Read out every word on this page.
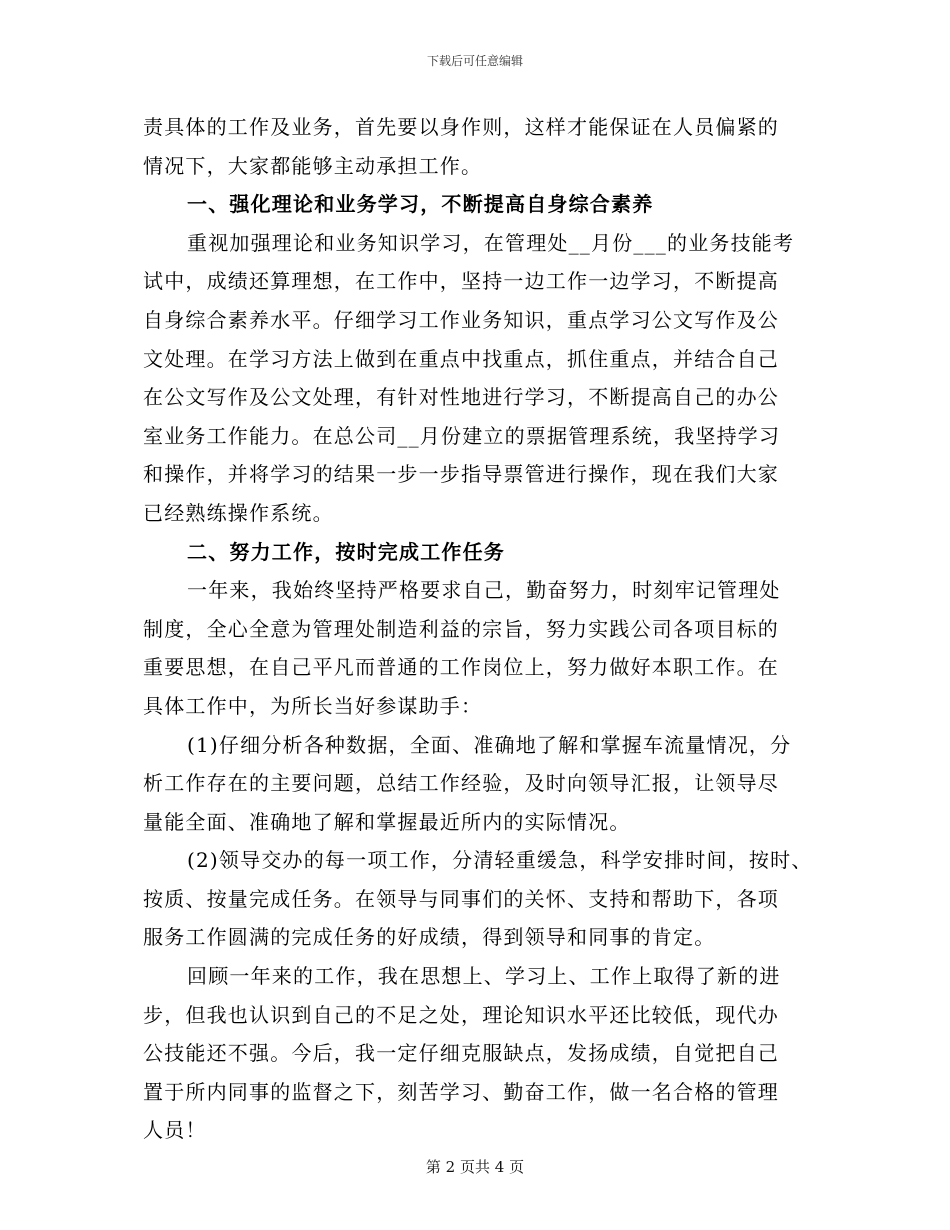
下载后可任意编辑
责具体的工作及业务，首先要以身作则，这样才能保证在人员偏紧的
情况下，大家都能够主动承担工作。
一、强化理论和业务学习，不断提高自身综合素养
重视加强理论和业务知识学习，在管理处__月份___的业务技能考
试中，成绩还算理想，在工作中，坚持一边工作一边学习，不断提高
自身综合素养水平。仔细学习工作业务知识，重点学习公文写作及公
文处理。在学习方法上做到在重点中找重点，抓住重点，并结合自己
在公文写作及公文处理，有针对性地进行学习，不断提高自己的办公
室业务工作能力。在总公司__月份建立的票据管理系统，我坚持学习
和操作，并将学习的结果一步一步指导票管进行操作，现在我们大家
已经熟练操作系统。
二、努力工作，按时完成工作任务
一年来，我始终坚持严格要求自己，勤奋努力，时刻牢记管理处
制度，全心全意为管理处制造利益的宗旨，努力实践公司各项目标的
重要思想，在自己平凡而普通的工作岗位上，努力做好本职工作。在
具体工作中，为所长当好参谋助手：
(1)仔细分析各种数据，全面、准确地了解和掌握车流量情况，分
析工作存在的主要问题，总结工作经验，及时向领导汇报，让领导尽
量能全面、准确地了解和掌握最近所内的实际情况。
(2)领导交办的每一项工作，分清轻重缓急，科学安排时间，按时、
按质、按量完成任务。在领导与同事们的关怀、支持和帮助下，各项
服务工作圆满的完成任务的好成绩，得到领导和同事的肯定。
回顾一年来的工作，我在思想上、学习上、工作上取得了新的进
步，但我也认识到自己的不足之处，理论知识水平还比较低，现代办
公技能还不强。今后，我一定仔细克服缺点，发扬成绩，自觉把自己
置于所内同事的监督之下，刻苦学习、勤奋工作，做一名合格的管理
人员！
第 2 页共 4 页
